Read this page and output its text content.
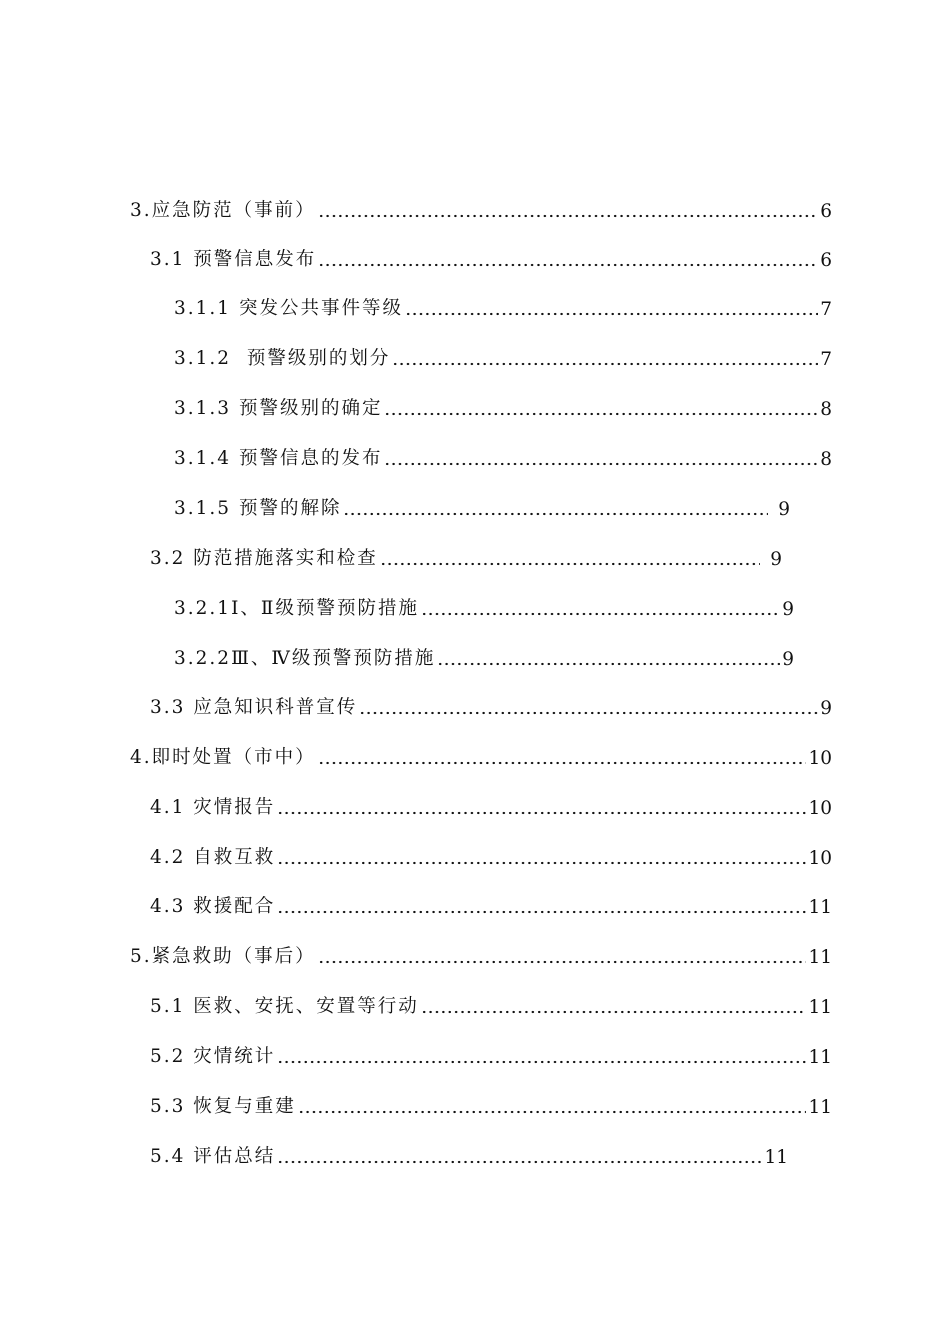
3.应急防范（事前）	6
3.1 预警信息发布	6
3.1.1 突发公共事件等级	7
3.1.2  预警级别的划分	7
3.1.3 预警级别的确定	8
3.1.4 预警信息的发布	8
3.1.5 预警的解除	9
3.2 防范措施落实和检查	9
3.2.1Ⅰ、Ⅱ级预警预防措施	9
3.2.2Ⅲ、Ⅳ级预警预防措施	9
3.3 应急知识科普宣传	9
4.即时处置（市中）	10
4.1 灾情报告	10
4.2 自救互救	10
4.3 救援配合	11
5.紧急救助（事后）	11
5.1 医救、安抚、安置等行动	11
5.2 灾情统计	11
5.3 恢复与重建	11
5.4 评估总结	11
